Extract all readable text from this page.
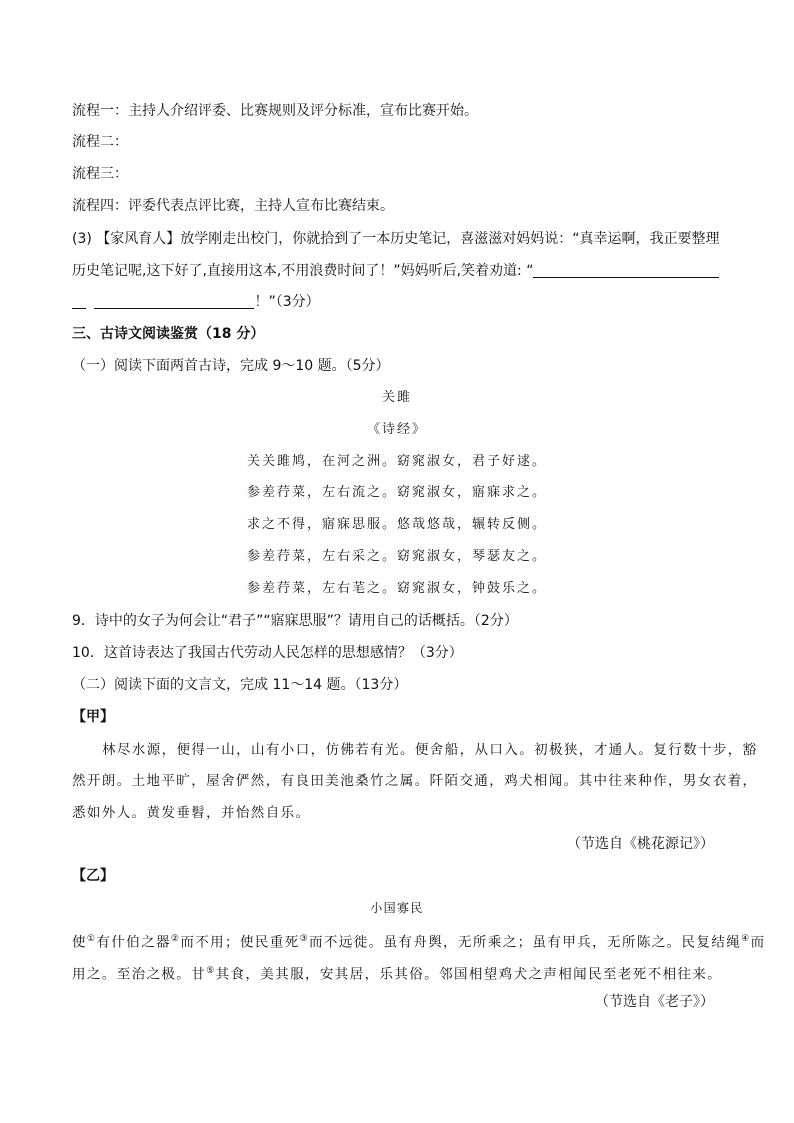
流程一：主持人介绍评委、比赛规则及评分标准，宣布比赛开始。
流程二：
流程三：
流程四：评委代表点评比赛，主持人宣布比赛结束。
(3) 【家风育人】放学刚走出校门，你就拾到了一本历史笔记，喜滋滋对妈妈说：“真幸运啊，我正要整理
历史笔记呢,这下好了,直接用这本,不用浪费时间了！”妈妈听后,笑着劝道: “
！”（3分）
三、古诗文阅读鉴赏（18 分）
（一）阅读下面两首古诗，完成 9～10 题。（5分）
关雎
《诗经》
关关雎鸠，在河之洲。窈窕淑女，君子好逑。
参差荇菜，左右流之。窈窕淑女，寤寐求之。
求之不得，寤寐思服。悠哉悠哉，辗转反侧。
参差荇菜，左右采之。窈窕淑女，琴瑟友之。
参差荇菜，左右芼之。窈窕淑女，钟鼓乐之。
9．诗中的女子为何会让“君子”“寤寐思服”？请用自己的话概括。（2分）
10．这首诗表达了我国古代劳动人民怎样的思想感情？（3分）
（二）阅读下面的文言文，完成 11～14 题。（13分）
【甲】
林尽水源，便得一山，山有小口，仿佛若有光。便舍船，从口入。初极狭，才通人。复行数十步，豁
然开朗。土地平旷，屋舍俨然，有良田美池桑竹之属。阡陌交通，鸡犬相闻。其中往来种作，男女衣着，
悉如外人。黄发垂髫，并怡然自乐。
（节选自《桃花源记》）
【乙】
小国寡民
使①有什伯之器②而不用；使民重死③而不远徙。虽有舟舆，无所乘之；虽有甲兵，无所陈之。民复结绳④而
用之。至治之极。甘⑤其食，美其服，安其居，乐其俗。邻国相望鸡犬之声相闻民至老死不相往来。
（节选自《老子》）
